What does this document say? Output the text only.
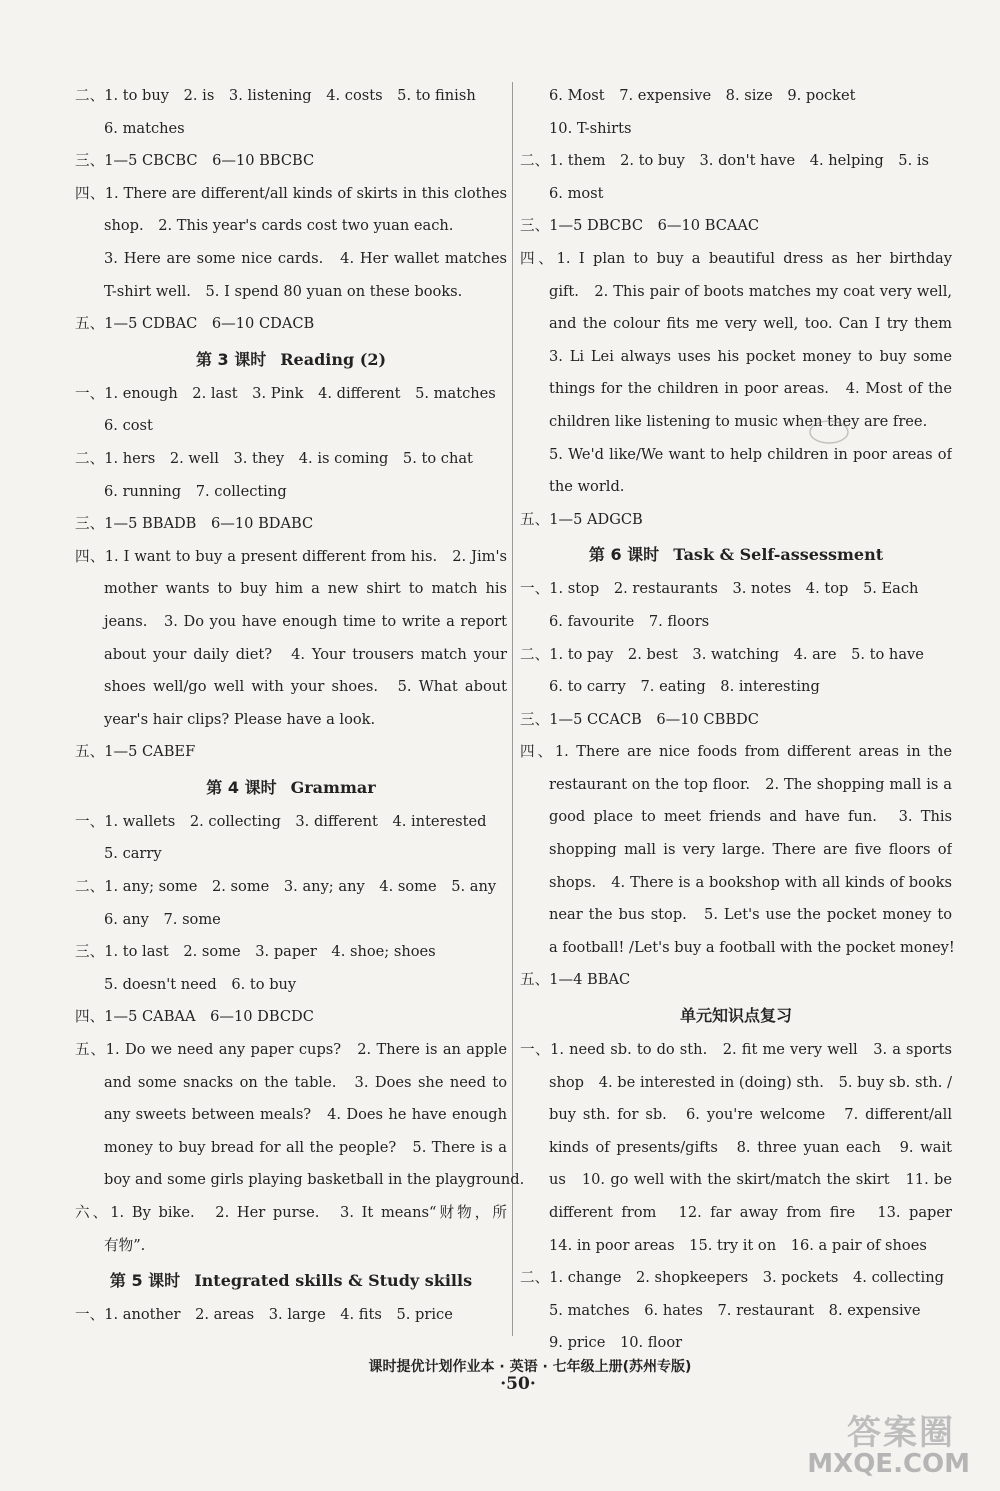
二、1. to buy　2. is　3. listening　4. costs　5. to finish
6. matches
三、1—5 CBCBC　6—10 BBCBC
四、1. There are different/all kinds of skirts in this clothes
shop.　2. This year's cards cost two yuan each.
3. Here are some nice cards.　4. Her wallet matches
T-shirt well.　5. I spend 80 yuan on these books.
五、1—5 CDBAC　6—10 CDACB
第 3 课时 Reading (2)
一、1. enough　2. last　3. Pink　4. different　5. matches
6. cost
二、1. hers　2. well　3. they　4. is coming　5. to chat
6. running　7. collecting
三、1—5 BBADB　6—10 BDABC
四、1. I want to buy a present different from his.　2. Jim's
mother wants to buy him a new shirt to match his
jeans.　3. Do you have enough time to write a report
about your daily diet?　4. Your trousers match your
shoes well/go well with your shoes.　5. What about
year's hair clips? Please have a look.
五、1—5 CABEF
第 4 课时 Grammar
一、1. wallets　2. collecting　3. different　4. interested
5. carry
二、1. any; some　2. some　3. any; any　4. some　5. any
6. any　7. some
三、1. to last　2. some　3. paper　4. shoe; shoes
5. doesn't need　6. to buy
四、1—5 CABAA　6—10 DBCDC
五、1. Do we need any paper cups?　2. There is an apple
and some snacks on the table.　3. Does she need to
any sweets between meals?　4. Does he have enough
money to buy bread for all the people?　5. There is a
boy and some girls playing basketball in the playground.
六、1. By bike.　2. Her purse.　3. It means“财物，所
有物”.
第 5 课时 Integrated skills & Study skills
一、1. another　2. areas　3. large　4. fits　5. price
6. Most　7. expensive　8. size　9. pocket
10. T-shirts
二、1. them　2. to buy　3. don't have　4. helping　5. is
6. most
三、1—5 DBCBC　6—10 BCAAC
四、1. I plan to buy a beautiful dress as her birthday
gift.　2. This pair of boots matches my coat very well,
and the colour fits me very well, too. Can I try them
3. Li Lei always uses his pocket money to buy some
things for the children in poor areas.　4. Most of the
children like listening to music when they are free.
5. We'd like/We want to help children in poor areas of
the world.
五、1—5 ADGCB
第 6 课时 Task & Self-assessment
一、1. stop　2. restaurants　3. notes　4. top　5. Each
6. favourite　7. floors
二、1. to pay　2. best　3. watching　4. are　5. to have
6. to carry　7. eating　8. interesting
三、1—5 CCACB　6—10 CBBDC
四、1. There are nice foods from different areas in the
restaurant on the top floor.　2. The shopping mall is a
good place to meet friends and have fun.　3. This
shopping mall is very large. There are five floors of
shops.　4. There is a bookshop with all kinds of books
near the bus stop.　5. Let's use the pocket money to
a football! /Let's buy a football with the pocket money!
五、1—4 BBAC
单元知识点复习
一、1. need sb. to do sth.　2. fit me very well　3. a sports
shop　4. be interested in (doing) sth.　5. buy sb. sth. /
buy sth. for sb.　6. you're welcome　7. different/all
kinds of presents/gifts　8. three yuan each　9. wait
us　10. go well with the skirt/match the skirt　11. be
different from　12. far away from fire　13. paper
14. in poor areas　15. try it on　16. a pair of shoes
二、1. change　2. shopkeepers　3. pockets　4. collecting
5. matches　6. hates　7. restaurant　8. expensive
9. price　10. floor
课时提优计划作业本 · 英语 · 七年级上册(苏州专版)
·50·
答案圈
MXQE.COM
